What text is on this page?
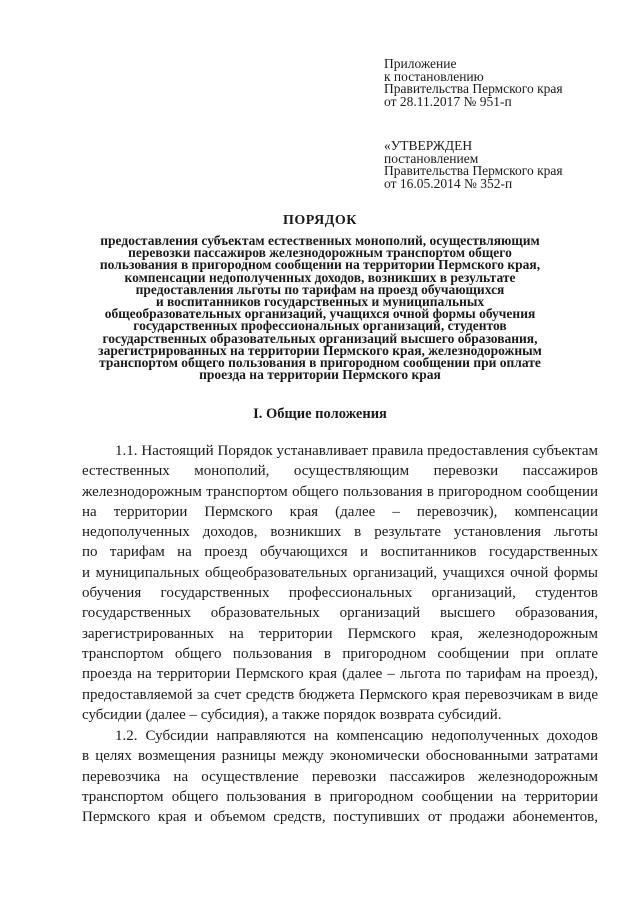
Приложение
к постановлению
Правительства Пермского края
от 28.11.2017 № 951-п
«УТВЕРЖДЕН
постановлением
Правительства Пермского края
от 16.05.2014 № 352-п
ПОРЯДОК
предоставления субъектам естественных монополий, осуществляющим
перевозки пассажиров железнодорожным транспортом общего
пользования в пригородном сообщении на территории Пермского края,
компенсации недополученных доходов, возникших в результате
предоставления льготы по тарифам на проезд обучающихся
и воспитанников государственных и муниципальных
общеобразовательных организаций, учащихся очной формы обучения
государственных профессиональных организаций, студентов
государственных образовательных организаций высшего образования,
зарегистрированных на территории Пермского края, железнодорожным
транспортом общего пользования в пригородном сообщении при оплате
проезда на территории Пермского края
I. Общие положения
1.1. Настоящий Порядок устанавливает правила предоставления субъектам
естественных монополий, осуществляющим перевозки пассажиров
железнодорожным транспортом общего пользования в пригородном сообщении
на территории Пермского края (далее – перевозчик), компенсации
недополученных доходов, возникших в результате установления льготы
по тарифам на проезд обучающихся и воспитанников государственных
и муниципальных общеобразовательных организаций, учащихся очной формы
обучения государственных профессиональных организаций, студентов
государственных образовательных организаций высшего образования,
зарегистрированных на территории Пермского края, железнодорожным
транспортом общего пользования в пригородном сообщении при оплате
проезда на территории Пермского края (далее – льгота по тарифам на проезд),
предоставляемой за счет средств бюджета Пермского края перевозчикам в виде
субсидии (далее – субсидия), а также порядок возврата субсидий.
1.2. Субсидии направляются на компенсацию недополученных доходов
в целях возмещения разницы между экономически обоснованными затратами
перевозчика на осуществление перевозки пассажиров железнодорожным
транспортом общего пользования в пригородном сообщении на территории
Пермского края и объемом средств, поступивших от продажи абонементов,
